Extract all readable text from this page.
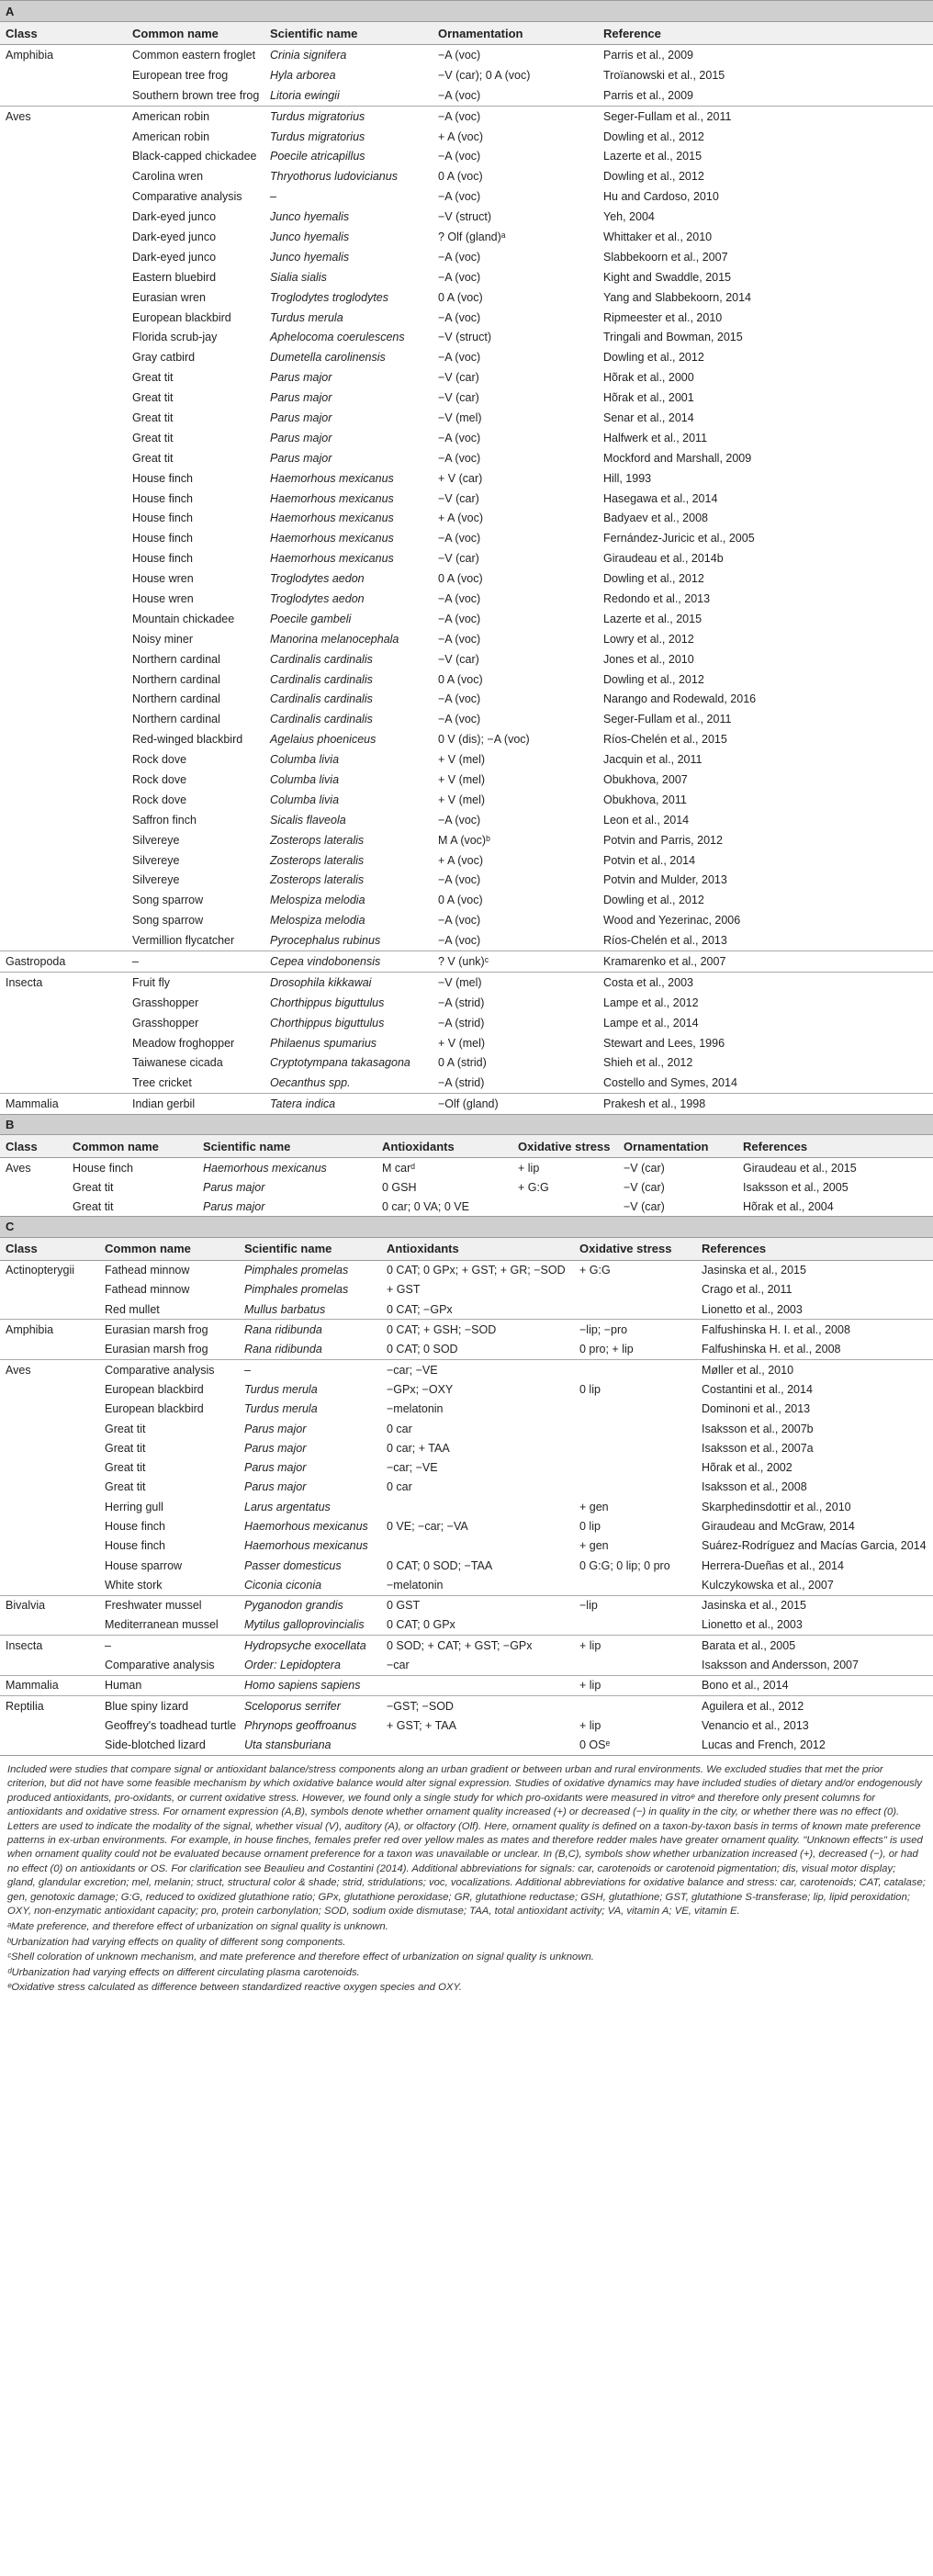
A				
Class	Common name	Scientific name	Ornamentation	Reference
Amphibia	Common eastern froglet	Crinia signifera	−A (voc)	Parris et al., 2009
	European tree frog	Hyla arborea	−V (car); 0 A (voc)	Troïanowski et al., 2015
	Southern brown tree frog	Litoria ewingii	−A (voc)	Parris et al., 2009
Aves	American robin	Turdus migratorius	−A (voc)	Seger-Fullam et al., 2011
	American robin	Turdus migratorius	+ A (voc)	Dowling et al., 2012
	Black-capped chickadee	Poecile atricapillus	−A (voc)	Lazerte et al., 2015
	Carolina wren	Thryothorus ludovicianus	0 A (voc)	Dowling et al., 2012
	Comparative analysis	–	−A (voc)	Hu and Cardoso, 2010
	Dark-eyed junco	Junco hyemalis	−V (struct)	Yeh, 2004
	Dark-eyed junco	Junco hyemalis	? Olf (gland)ᵃ	Whittaker et al., 2010
	Dark-eyed junco	Junco hyemalis	−A (voc)	Slabbekoorn et al., 2007
	Eastern bluebird	Sialia sialis	−A (voc)	Kight and Swaddle, 2015
	Eurasian wren	Troglodytes troglodytes	0 A (voc)	Yang and Slabbekoorn, 2014
	European blackbird	Turdus merula	−A (voc)	Ripmeester et al., 2010
	Florida scrub-jay	Aphelocoma coerulescens	−V (struct)	Tringali and Bowman, 2015
	Gray catbird	Dumetella carolinensis	−A (voc)	Dowling et al., 2012
	Great tit	Parus major	−V (car)	Hõrak et al., 2000
	Great tit	Parus major	−V (car)	Hõrak et al., 2001
	Great tit	Parus major	−V (mel)	Senar et al., 2014
	Great tit	Parus major	−A (voc)	Halfwerk et al., 2011
	Great tit	Parus major	−A (voc)	Mockford and Marshall, 2009
	House finch	Haemorhous mexicanus	+ V (car)	Hill, 1993
	House finch	Haemorhous mexicanus	−V (car)	Hasegawa et al., 2014
	House finch	Haemorhous mexicanus	+ A (voc)	Badyaev et al., 2008
	House finch	Haemorhous mexicanus	−A (voc)	Fernández-Juricic et al., 2005
	House finch	Haemorhous mexicanus	−V (car)	Giraudeau et al., 2014b
	House wren	Troglodytes aedon	0 A (voc)	Dowling et al., 2012
	House wren	Troglodytes aedon	−A (voc)	Redondo et al., 2013
	Mountain chickadee	Poecile gambeli	−A (voc)	Lazerte et al., 2015
	Noisy miner	Manorina melanocephala	−A (voc)	Lowry et al., 2012
	Northern cardinal	Cardinalis cardinalis	−V (car)	Jones et al., 2010
	Northern cardinal	Cardinalis cardinalis	0 A (voc)	Dowling et al., 2012
	Northern cardinal	Cardinalis cardinalis	−A (voc)	Narango and Rodewald, 2016
	Northern cardinal	Cardinalis cardinalis	−A (voc)	Seger-Fullam et al., 2011
	Red-winged blackbird	Agelaius phoeniceus	0 V (dis); −A (voc)	Ríos-Chelén et al., 2015
	Rock dove	Columba livia	+ V (mel)	Jacquin et al., 2011
	Rock dove	Columba livia	+ V (mel)	Obukhova, 2007
	Rock dove	Columba livia	+ V (mel)	Obukhova, 2011
	Saffron finch	Sicalis flaveola	−A (voc)	Leon et al., 2014
	Silvereye	Zosterops lateralis	M A (voc)ᵇ	Potvin and Parris, 2012
	Silvereye	Zosterops lateralis	+ A (voc)	Potvin et al., 2014
	Silvereye	Zosterops lateralis	−A (voc)	Potvin and Mulder, 2013
	Song sparrow	Melospiza melodia	0 A (voc)	Dowling et al., 2012
	Song sparrow	Melospiza melodia	−A (voc)	Wood and Yezerinac, 2006
	Vermillion flycatcher	Pyrocephalus rubinus	−A (voc)	Ríos-Chelén et al., 2013
Gastropoda	–	Cepea vindobonensis	? V (unk)ᶜ	Kramarenko et al., 2007
Insecta	Fruit fly	Drosophila kikkawai	−V (mel)	Costa et al., 2003
	Grasshopper	Chorthippus biguttulus	−A (strid)	Lampe et al., 2012
	Grasshopper	Chorthippus biguttulus	−A (strid)	Lampe et al., 2014
	Meadow froghopper	Philaenus spumarius	+ V (mel)	Stewart and Lees, 1996
	Taiwanese cicada	Cryptotympana takasagona	0 A (strid)	Shieh et al., 2012
	Tree cricket	Oecanthus spp.	−A (strid)	Costello and Symes, 2014
Mammalia	Indian gerbil	Tatera indica	−Olf (gland)	Prakesh et al., 1998
B						
Class	Common name	Scientific name	Antioxidants	Oxidative stress	Ornamentation	References
Aves	House finch	Haemorhous mexicanus	M carᵈ	+ lip	−V (car)	Giraudeau et al., 2015
	Great tit	Parus major	0 GSH	+ G:G	−V (car)	Isaksson et al., 2005
	Great tit	Parus major	0 car; 0 VA; 0 VE		−V (car)	Hõrak et al., 2004
C					
Class	Common name	Scientific name	Antioxidants	Oxidative stress	References
Actinopterygii	Fathead minnow	Pimphales promelas	0 CAT; 0 GPx; + GST; + GR; −SOD	+ G:G	Jasinska et al., 2015
	Fathead minnow	Pimphales promelas	+ GST		Crago et al., 2011
	Red mullet	Mullus barbatus	0 CAT; −GPx		Lionetto et al., 2003
Amphibia	Eurasian marsh frog	Rana ridibunda	0 CAT; + GSH; −SOD	−lip; −pro	Falfushinska H. I. et al., 2008
	Eurasian marsh frog	Rana ridibunda	0 CAT; 0 SOD	0 pro; + lip	Falfushinska H. et al., 2008
Aves	Comparative analysis	–	−car; −VE		Møller et al., 2010
	European blackbird	Turdus merula	−GPx; −OXY	0 lip	Costantini et al., 2014
	European blackbird	Turdus merula	−melatonin		Dominoni et al., 2013
	Great tit	Parus major	0 car		Isaksson et al., 2007b
	Great tit	Parus major	0 car; + TAA		Isaksson et al., 2007a
	Great tit	Parus major	−car; −VE		Hõrak et al., 2002
	Great tit	Parus major	0 car		Isaksson et al., 2008
	Herring gull	Larus argentatus		+ gen	Skarphedinsdottir et al., 2010
	House finch	Haemorhous mexicanus	0 VE; −car; −VA	0 lip	Giraudeau and McGraw, 2014
	House finch	Haemorhous mexicanus		+ gen	Suárez-Rodríguez and Macías Garcia, 2014
	House sparrow	Passer domesticus	0 CAT; 0 SOD; −TAA	0 G:G; 0 lip; 0 pro	Herrera-Dueñas et al., 2014
	White stork	Ciconia ciconia	−melatonin		Kulczykowska et al., 2007
Bivalvia	Freshwater mussel	Pyganodon grandis	0 GST	−lip	Jasinska et al., 2015
	Mediterranean mussel	Mytilus galloprovincialis	0 CAT; 0 GPx		Lionetto et al., 2003
Insecta	–	Hydropsyche exocellata	0 SOD; + CAT; + GST; −GPx	+ lip	Barata et al., 2005
	Comparative analysis	Order: Lepidoptera	−car		Isaksson and Andersson, 2007
Mammalia	Human	Homo sapiens sapiens		+ lip	Bono et al., 2014
Reptilia	Blue spiny lizard	Sceloporus serrifer	−GST; −SOD		Aguilera et al., 2012
	Geoffrey's toadhead turtle	Phrynops geoffroanus	+ GST; + TAA	+ lip	Venancio et al., 2013
	Side-blotched lizard	Uta stansburiana		0 OSᵉ	Lucas and French, 2012

Included were studies that compare signal or antioxidant balance/stress components along an urban gradient or between urban and rural environments. We excluded studies that met the prior criterion, but did not have some feasible mechanism by which oxidative balance would alter signal expression. Studies of oxidative dynamics may have included studies of dietary and/or endogenously produced antioxidants, pro-oxidants, or current oxidative stress. However, we found only a single study for which pro-oxidants were measured in vitroᵉ and therefore only present columns for antioxidants and oxidative stress. For ornament expression (A,B), symbols denote whether ornament quality increased (+) or decreased (−) in quality in the city, or whether there was no effect (0). Letters are used to indicate the modality of the signal, whether visual (V), auditory (A), or olfactory (Olf). Here, ornament quality is defined on a taxon-by-taxon basis in terms of known mate preference patterns in ex-urban environments. For example, in house finches, females prefer red over yellow males as mates and therefore redder males have greater ornament quality. "Unknown effects" is used when ornament quality could not be evaluated because ornament preference for a taxon was unavailable or unclear. In (B,C), symbols show whether urbanization increased (+), decreased (−), or had no effect (0) on antioxidants or OS. For clarification see Beaulieu and Costantini (2014). Additional abbreviations for signals: car, carotenoids or carotenoid pigmentation; dis, visual motor display; gland, glandular excretion; mel, melanin; struct, structural color & shade; strid, stridulations; voc, vocalizations. Additional abbreviations for oxidative balance and stress: car, carotenoids; CAT, catalase; gen, genotoxic damage; G:G, reduced to oxidized glutathione ratio; GPx, glutathione peroxidase; GR, glutathione reductase; GSH, glutathione; GST, glutathione S-transferase; lip, lipid peroxidation; OXY, non-enzymatic antioxidant capacity; pro, protein carbonylation; SOD, sodium oxide dismutase; TAA, total antioxidant activity; VA, vitamin A; VE, vitamin E.

ᵃMate preference, and therefore effect of urbanization on signal quality is unknown.

ᵇUrbanization had varying effects on quality of different song components.

ᶜShell coloration of unknown mechanism, and mate preference and therefore effect of urbanization on signal quality is unknown.

ᵈUrbanization had varying effects on different circulating plasma carotenoids.

ᵉOxidative stress calculated as difference between standardized reactive oxygen species and OXY.
